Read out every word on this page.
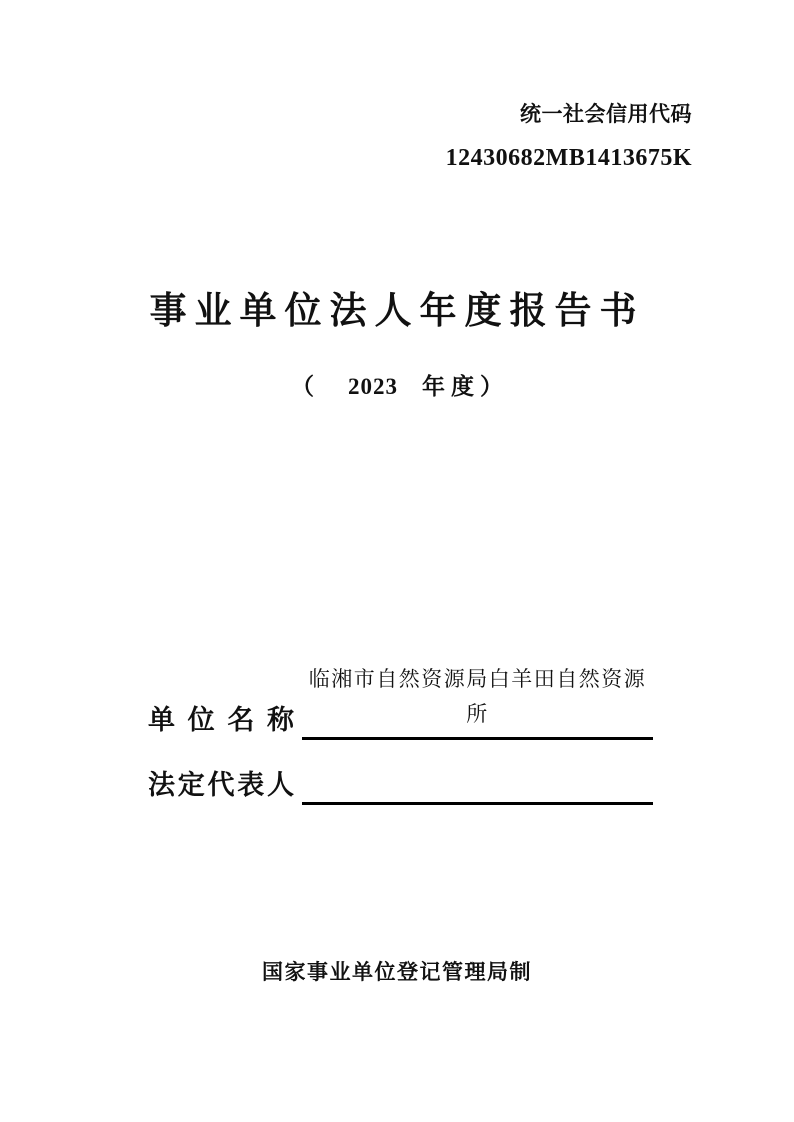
统一社会信用代码
12430682MB1413675K
事业单位法人年度报告书
（ 2023 年度 ）
单位名称
临湘市自然资源局白羊田自然资源所
法定代表人
国家事业单位登记管理局制
